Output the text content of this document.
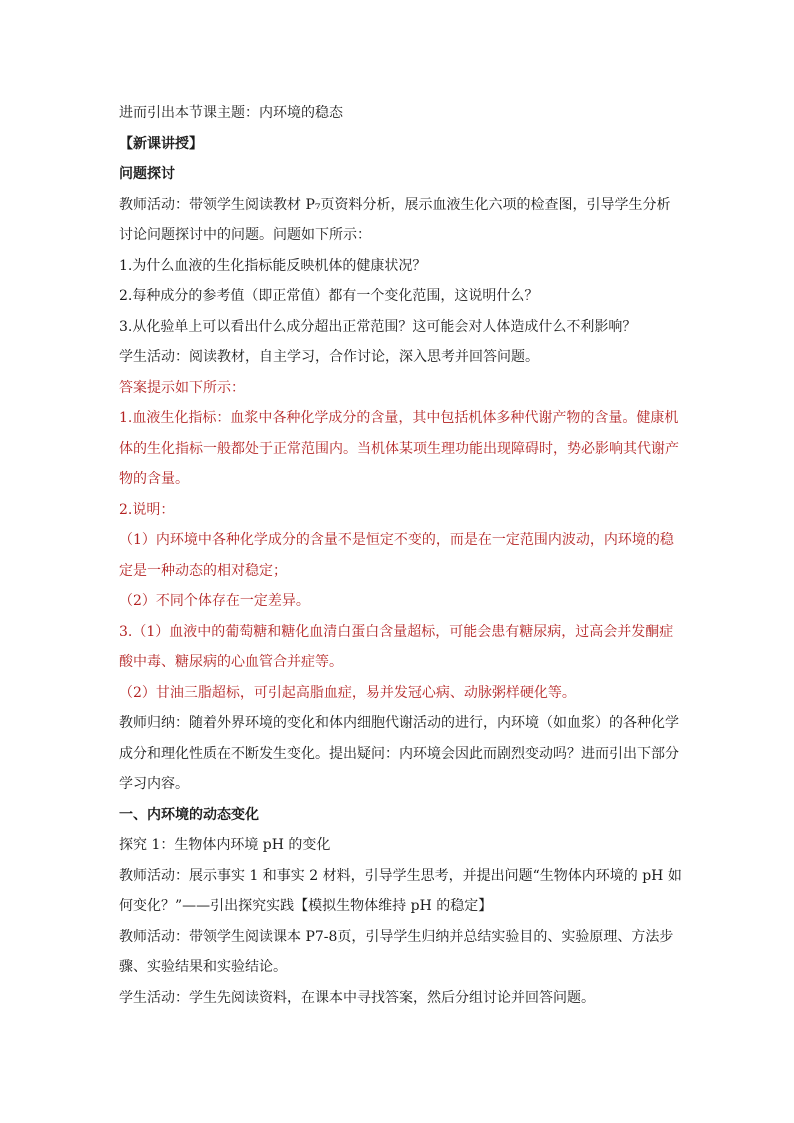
进而引出本节课主题：内环境的稳态
【新课讲授】
问题探讨
教师活动：带领学生阅读教材 P₇页资料分析，展示血液生化六项的检查图，引导学生分析
讨论问题探讨中的问题。问题如下所示：
1.为什么血液的生化指标能反映机体的健康状况？
2.每种成分的参考值（即正常值）都有一个变化范围，这说明什么？
3.从化验单上可以看出什么成分超出正常范围？这可能会对人体造成什么不利影响？
学生活动：阅读教材，自主学习，合作讨论，深入思考并回答问题。
答案提示如下所示：
1.血液生化指标：血浆中各种化学成分的含量，其中包括机体多种代谢产物的含量。健康机
体的生化指标一般都处于正常范围内。当机体某项生理功能出现障碍时，势必影响其代谢产
物的含量。
2.说明：
（1）内环境中各种化学成分的含量不是恒定不变的，而是在一定范围内波动，内环境的稳
定是一种动态的相对稳定；
（2）不同个体存在一定差异。
3.（1）血液中的葡萄糖和糖化血清白蛋白含量超标，可能会患有糖尿病，过高会并发酮症
酸中毒、糖尿病的心血管合并症等。
（2）甘油三脂超标，可引起高脂血症，易并发冠心病、动脉粥样硬化等。
教师归纳：随着外界环境的变化和体内细胞代谢活动的进行，内环境（如血浆）的各种化学
成分和理化性质在不断发生变化。提出疑问：内环境会因此而剧烈变动吗？进而引出下部分
学习内容。
一、内环境的动态变化
探究 1：生物体内环境 pH 的变化
教师活动：展示事实 1 和事实 2 材料，引导学生思考，并提出问题“生物体内环境的 pH 如
何变化？”——引出探究实践【模拟生物体维持 pH 的稳定】
教师活动：带领学生阅读课本 P7-8页，引导学生归纳并总结实验目的、实验原理、方法步
骤、实验结果和实验结论。
学生活动：学生先阅读资料，在课本中寻找答案，然后分组讨论并回答问题。
